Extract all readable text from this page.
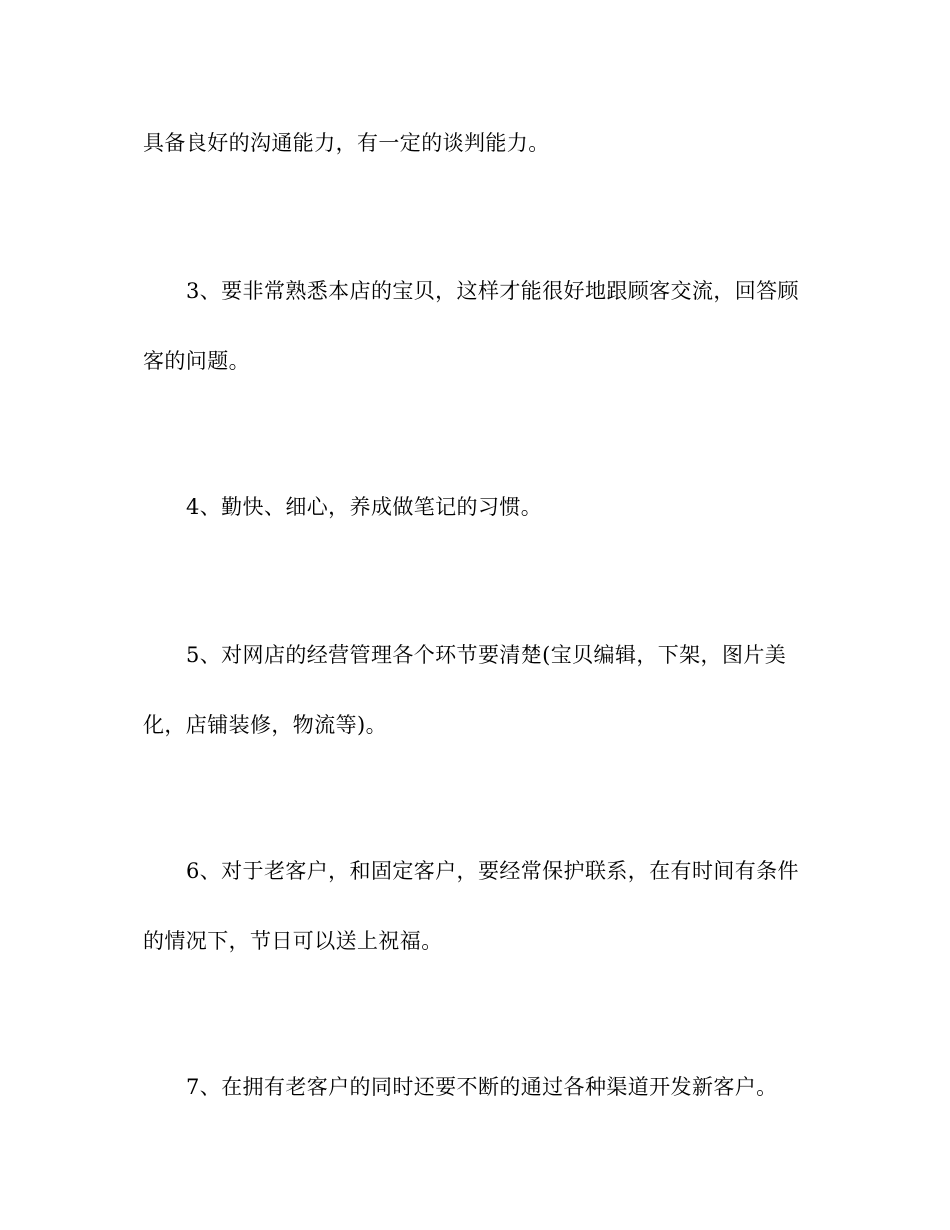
具备良好的沟通能力，有一定的谈判能力。
3、要非常熟悉本店的宝贝，这样才能很好地跟顾客交流，回答顾
客的问题。
4、勤快、细心，养成做笔记的习惯。
5、对网店的经营管理各个环节要清楚(宝贝编辑，下架，图片美
化，店铺装修，物流等)。
6、对于老客户，和固定客户，要经常保护联系，在有时间有条件
的情况下，节日可以送上祝福。
7、在拥有老客户的同时还要不断的通过各种渠道开发新客户。
